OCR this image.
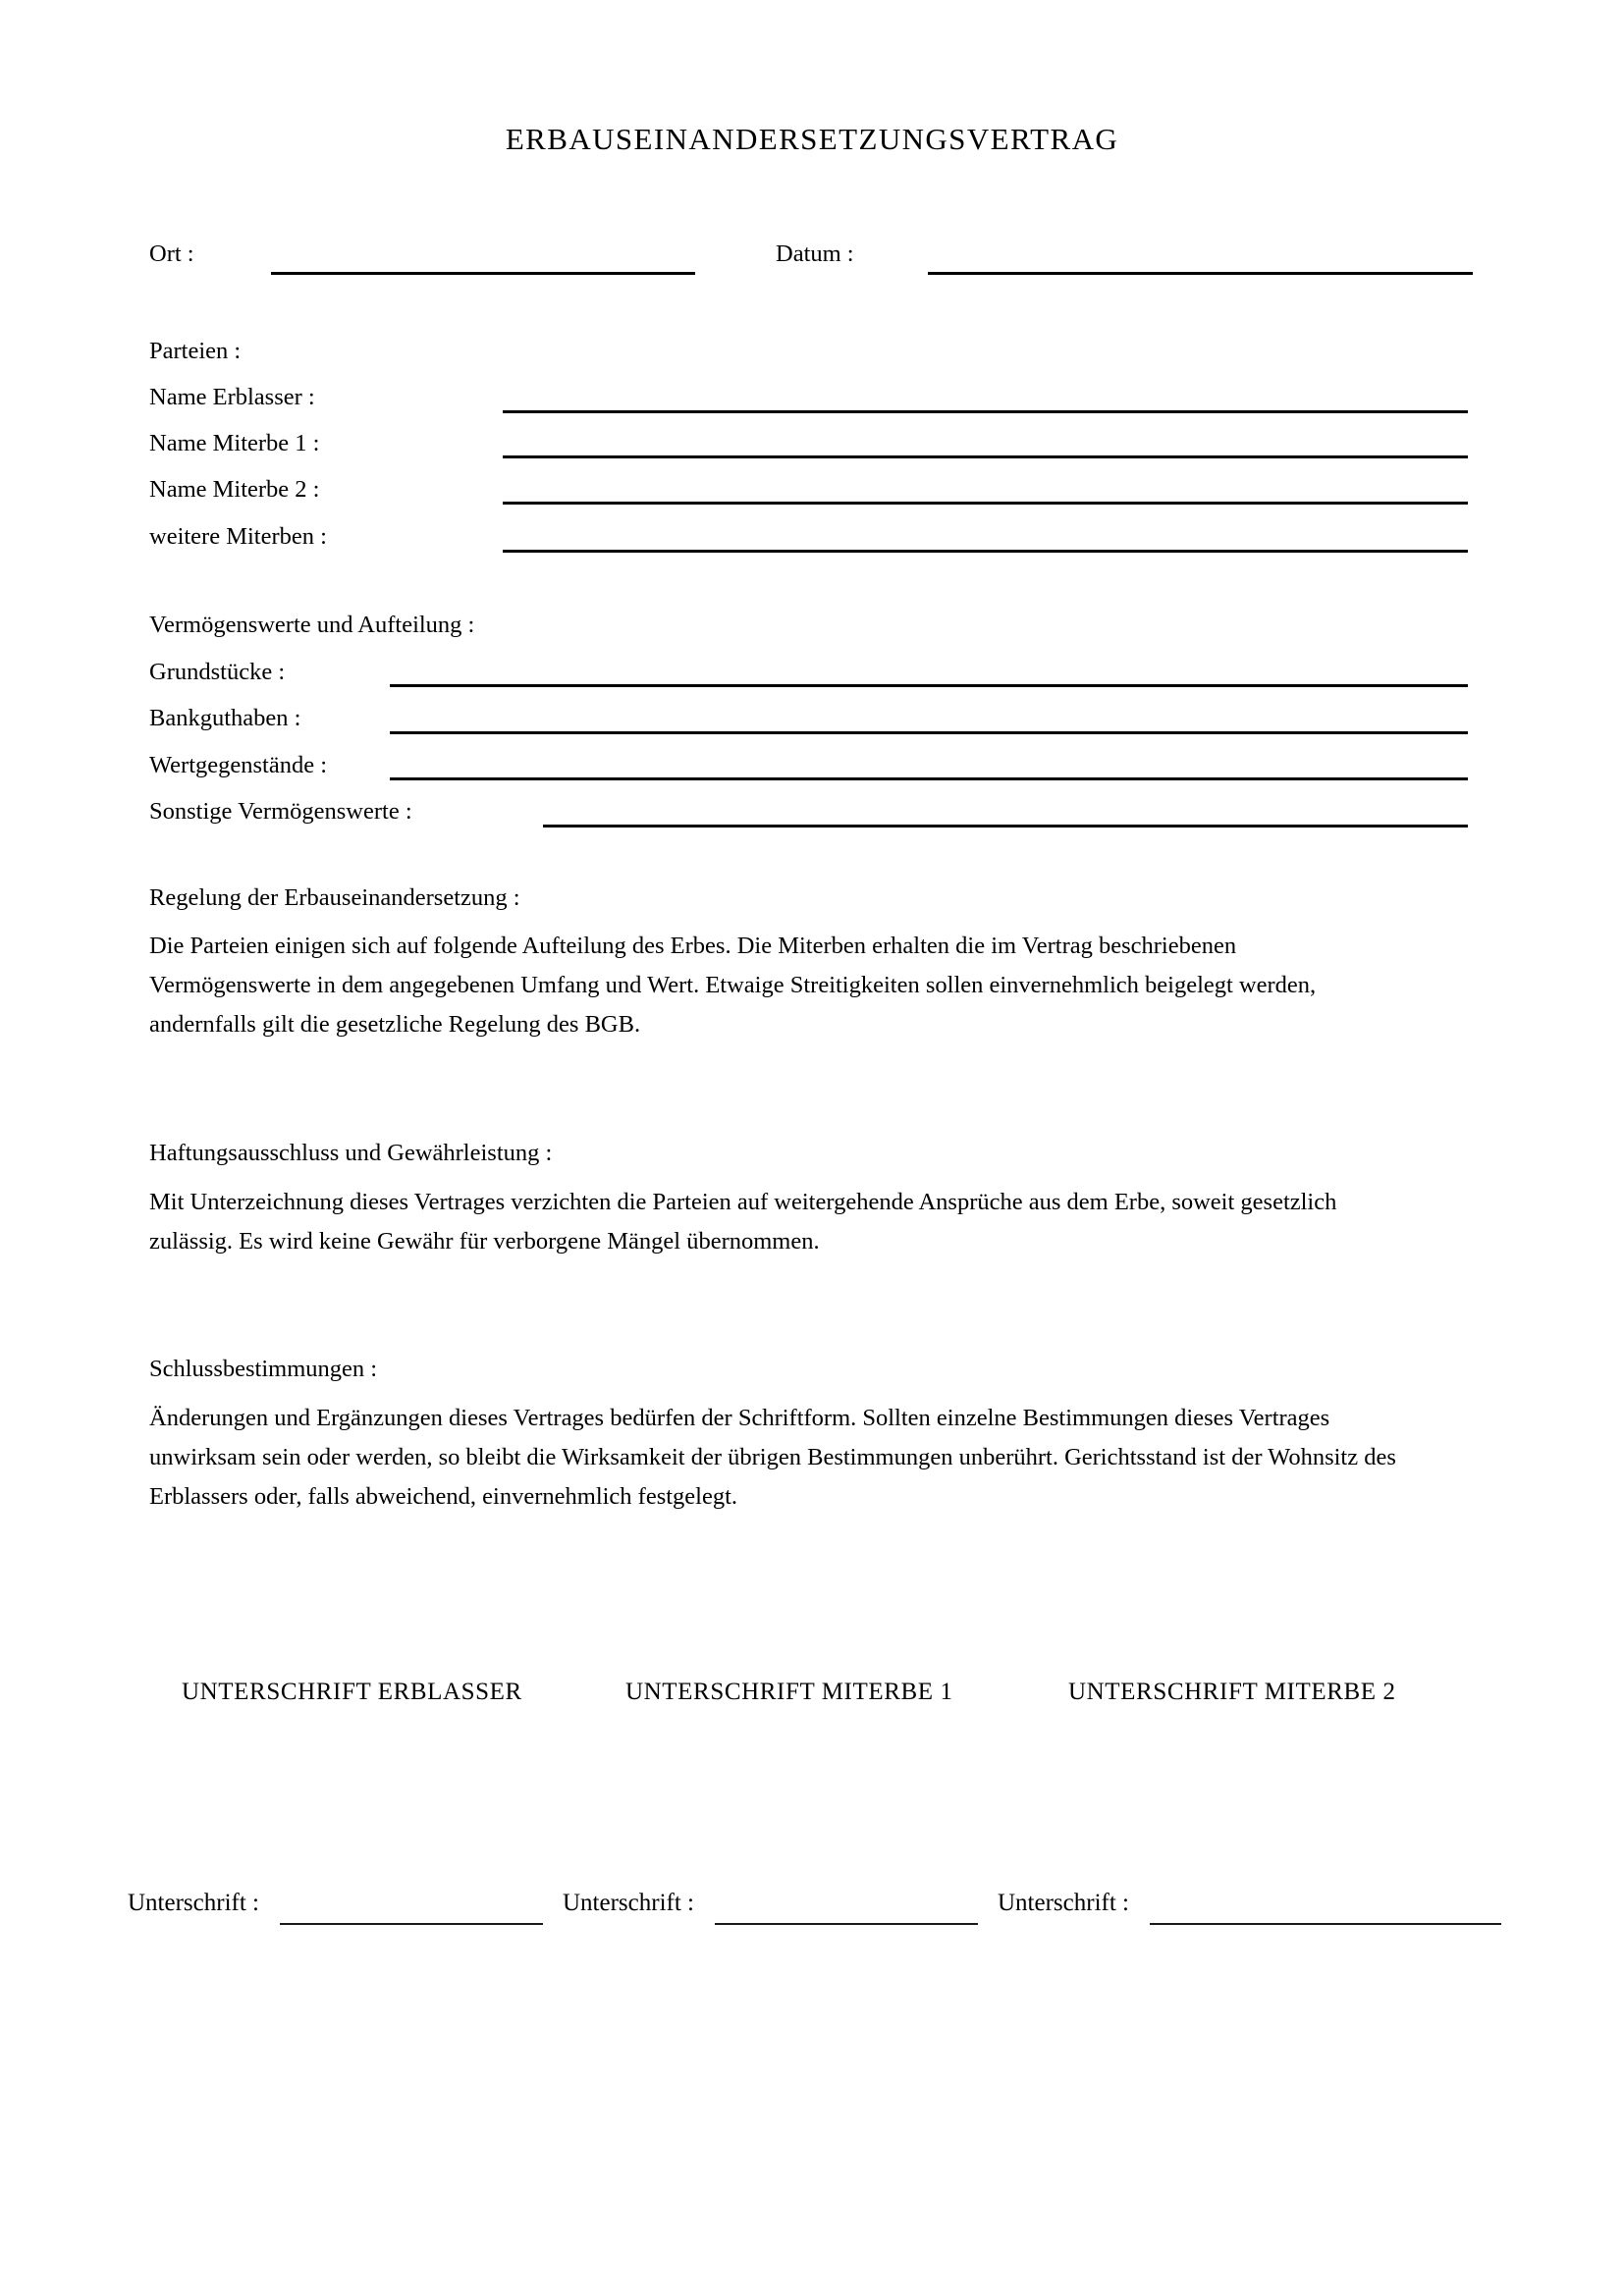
ERBAUSEINANDERSETZUNGSVERTRAG
Ort :	Datum :
Parteien :
Name Erblasser :
Name Miterbe 1 :
Name Miterbe 2 :
weitere Miterben :
Vermögenswerte und Aufteilung :
Grundstücke :
Bankguthaben :
Wertgegenstände :
Sonstige Vermögenswerte :
Regelung der Erbauseinandersetzung :
Die Parteien einigen sich auf folgende Aufteilung des Erbes. Die Miterben erhalten die im Vertrag beschriebenen Vermögenswerte in dem angegebenen Umfang und Wert. Etwaige Streitigkeiten sollen einvernehmlich beigelegt werden, andernfalls gilt die gesetzliche Regelung des BGB.
Haftungsausschluss und Gewährleistung :
Mit Unterzeichnung dieses Vertrages verzichten die Parteien auf weitergehende Ansprüche aus dem Erbe, soweit gesetzlich zulässig. Es wird keine Gewähr für verborgene Mängel übernommen.
Schlussbestimmungen :
Änderungen und Ergänzungen dieses Vertrages bedürfen der Schriftform. Sollten einzelne Bestimmungen dieses Vertrages unwirksam sein oder werden, so bleibt die Wirksamkeit der übrigen Bestimmungen unberührt. Gerichtsstand ist der Wohnsitz des Erblassers oder, falls abweichend, einvernehmlich festgelegt.
UNTERSCHRIFT ERBLASSER	UNTERSCHRIFT MITERBE 1	UNTERSCHRIFT MITERBE 2
Unterschrift :	Unterschrift :	Unterschrift :
